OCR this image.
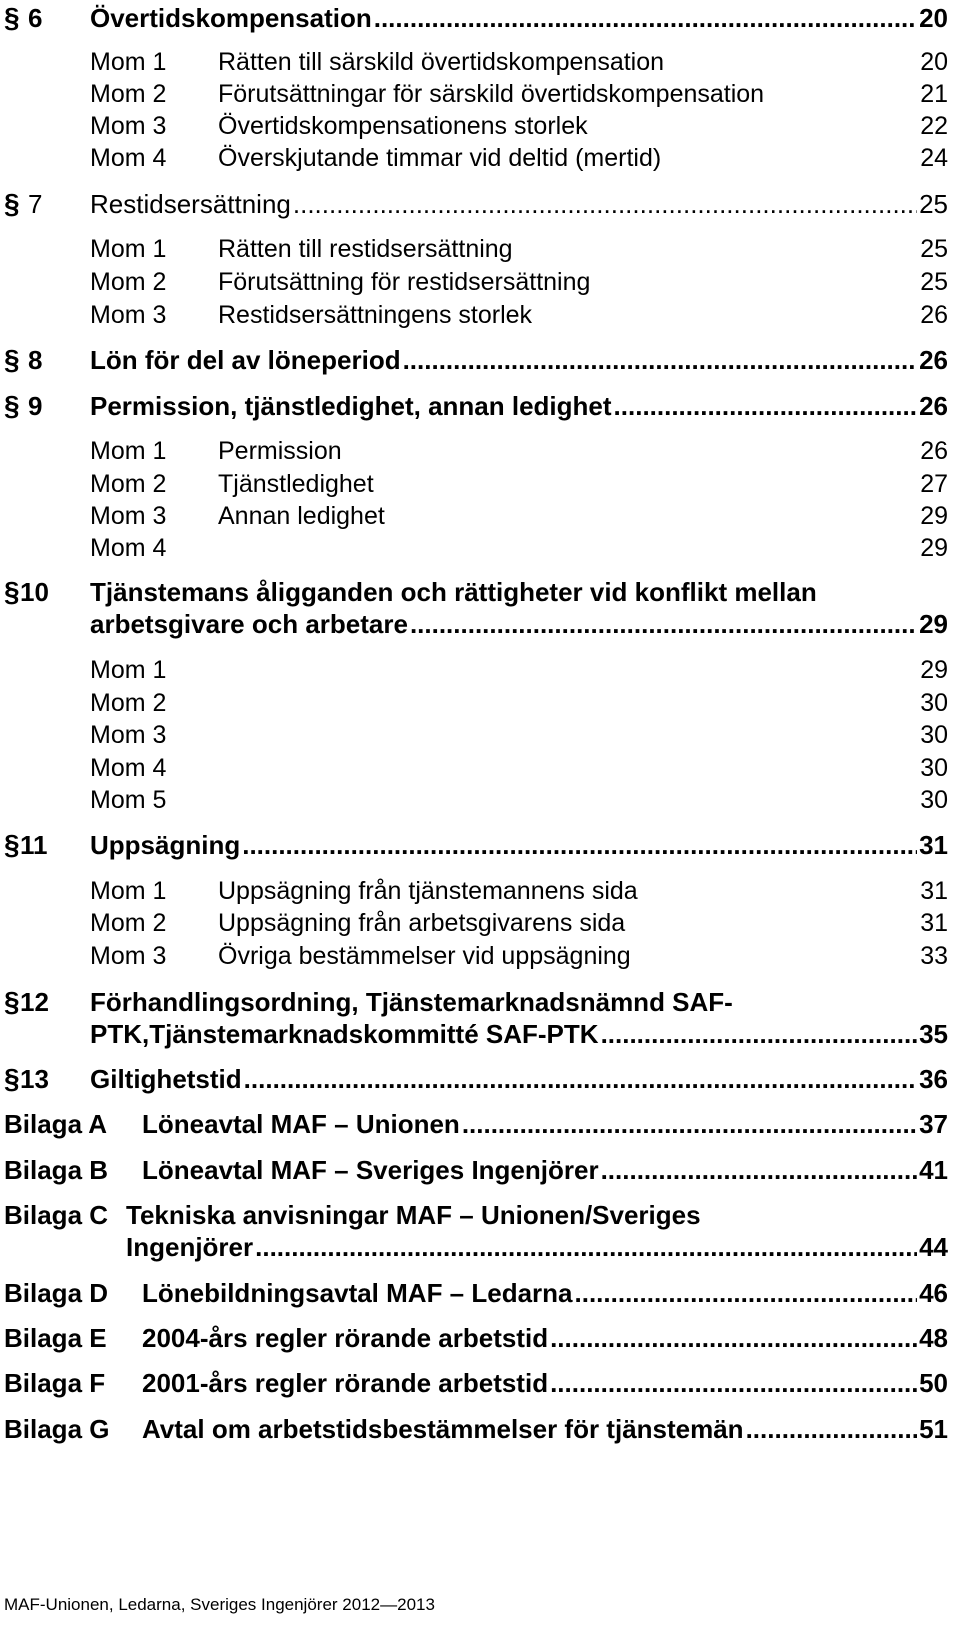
§ 6 Övertidskompensation .....	20
Mom 1 Rätten till särskild övertidskompensation	20
Mom 2 Förutsättningar för särskild övertidskompensation	21
Mom 3 Övertidskompensationens storlek	22
Mom 4 Överskjutande timmar vid deltid (mertid)	24
§ 7 Restidsersättning .....	25
Mom 1 Rätten till restidsersättning	25
Mom 2 Förutsättning för restidsersättning	25
Mom 3 Restidsersättningens storlek	26
§ 8 Lön för del av löneperiod .....	26
§ 9 Permission, tjänstledighet, annan ledighet .....	26
Mom 1 Permission	26
Mom 2 Tjänstledighet	27
Mom 3 Annan ledighet	29
Mom 4	29
§ 10 Tjänstemans åligganden och rättigheter vid konflikt mellan
arbetsgivare och arbetare .....	29
Mom 1	29
Mom 2	30
Mom 3	30
Mom 4	30
Mom 5	30
§ 11 Uppsägning .....	31
Mom 1 Uppsägning från tjänstemannens sida	31
Mom 2 Uppsägning från arbetsgivarens sida	31
Mom 3 Övriga bestämmelser vid uppsägning	33
§ 12 Förhandlingsordning, Tjänstemarknadsnämnd SAF-
PTK,Tjänstemarknadskommitté SAF-PTK .....	35
§ 13 Giltighetstid .....	36
Bilaga A Löneavtal MAF – Unionen .....	37
Bilaga B Löneavtal MAF – Sveriges Ingenjörer .....	41
Bilaga C Tekniska anvisningar MAF – Unionen/Sveriges
Ingenjörer .....	44
Bilaga D Lönebildningsavtal MAF – Ledarna .....	46
Bilaga E 2004-års regler rörande arbetstid .....	48
Bilaga F 2001-års regler rörande arbetstid .....	50
Bilaga G Avtal om arbetstidsbestämmelser för tjänstemän .....	51
MAF-Unionen, Ledarna, Sveriges Ingenjörer 2012—2013
